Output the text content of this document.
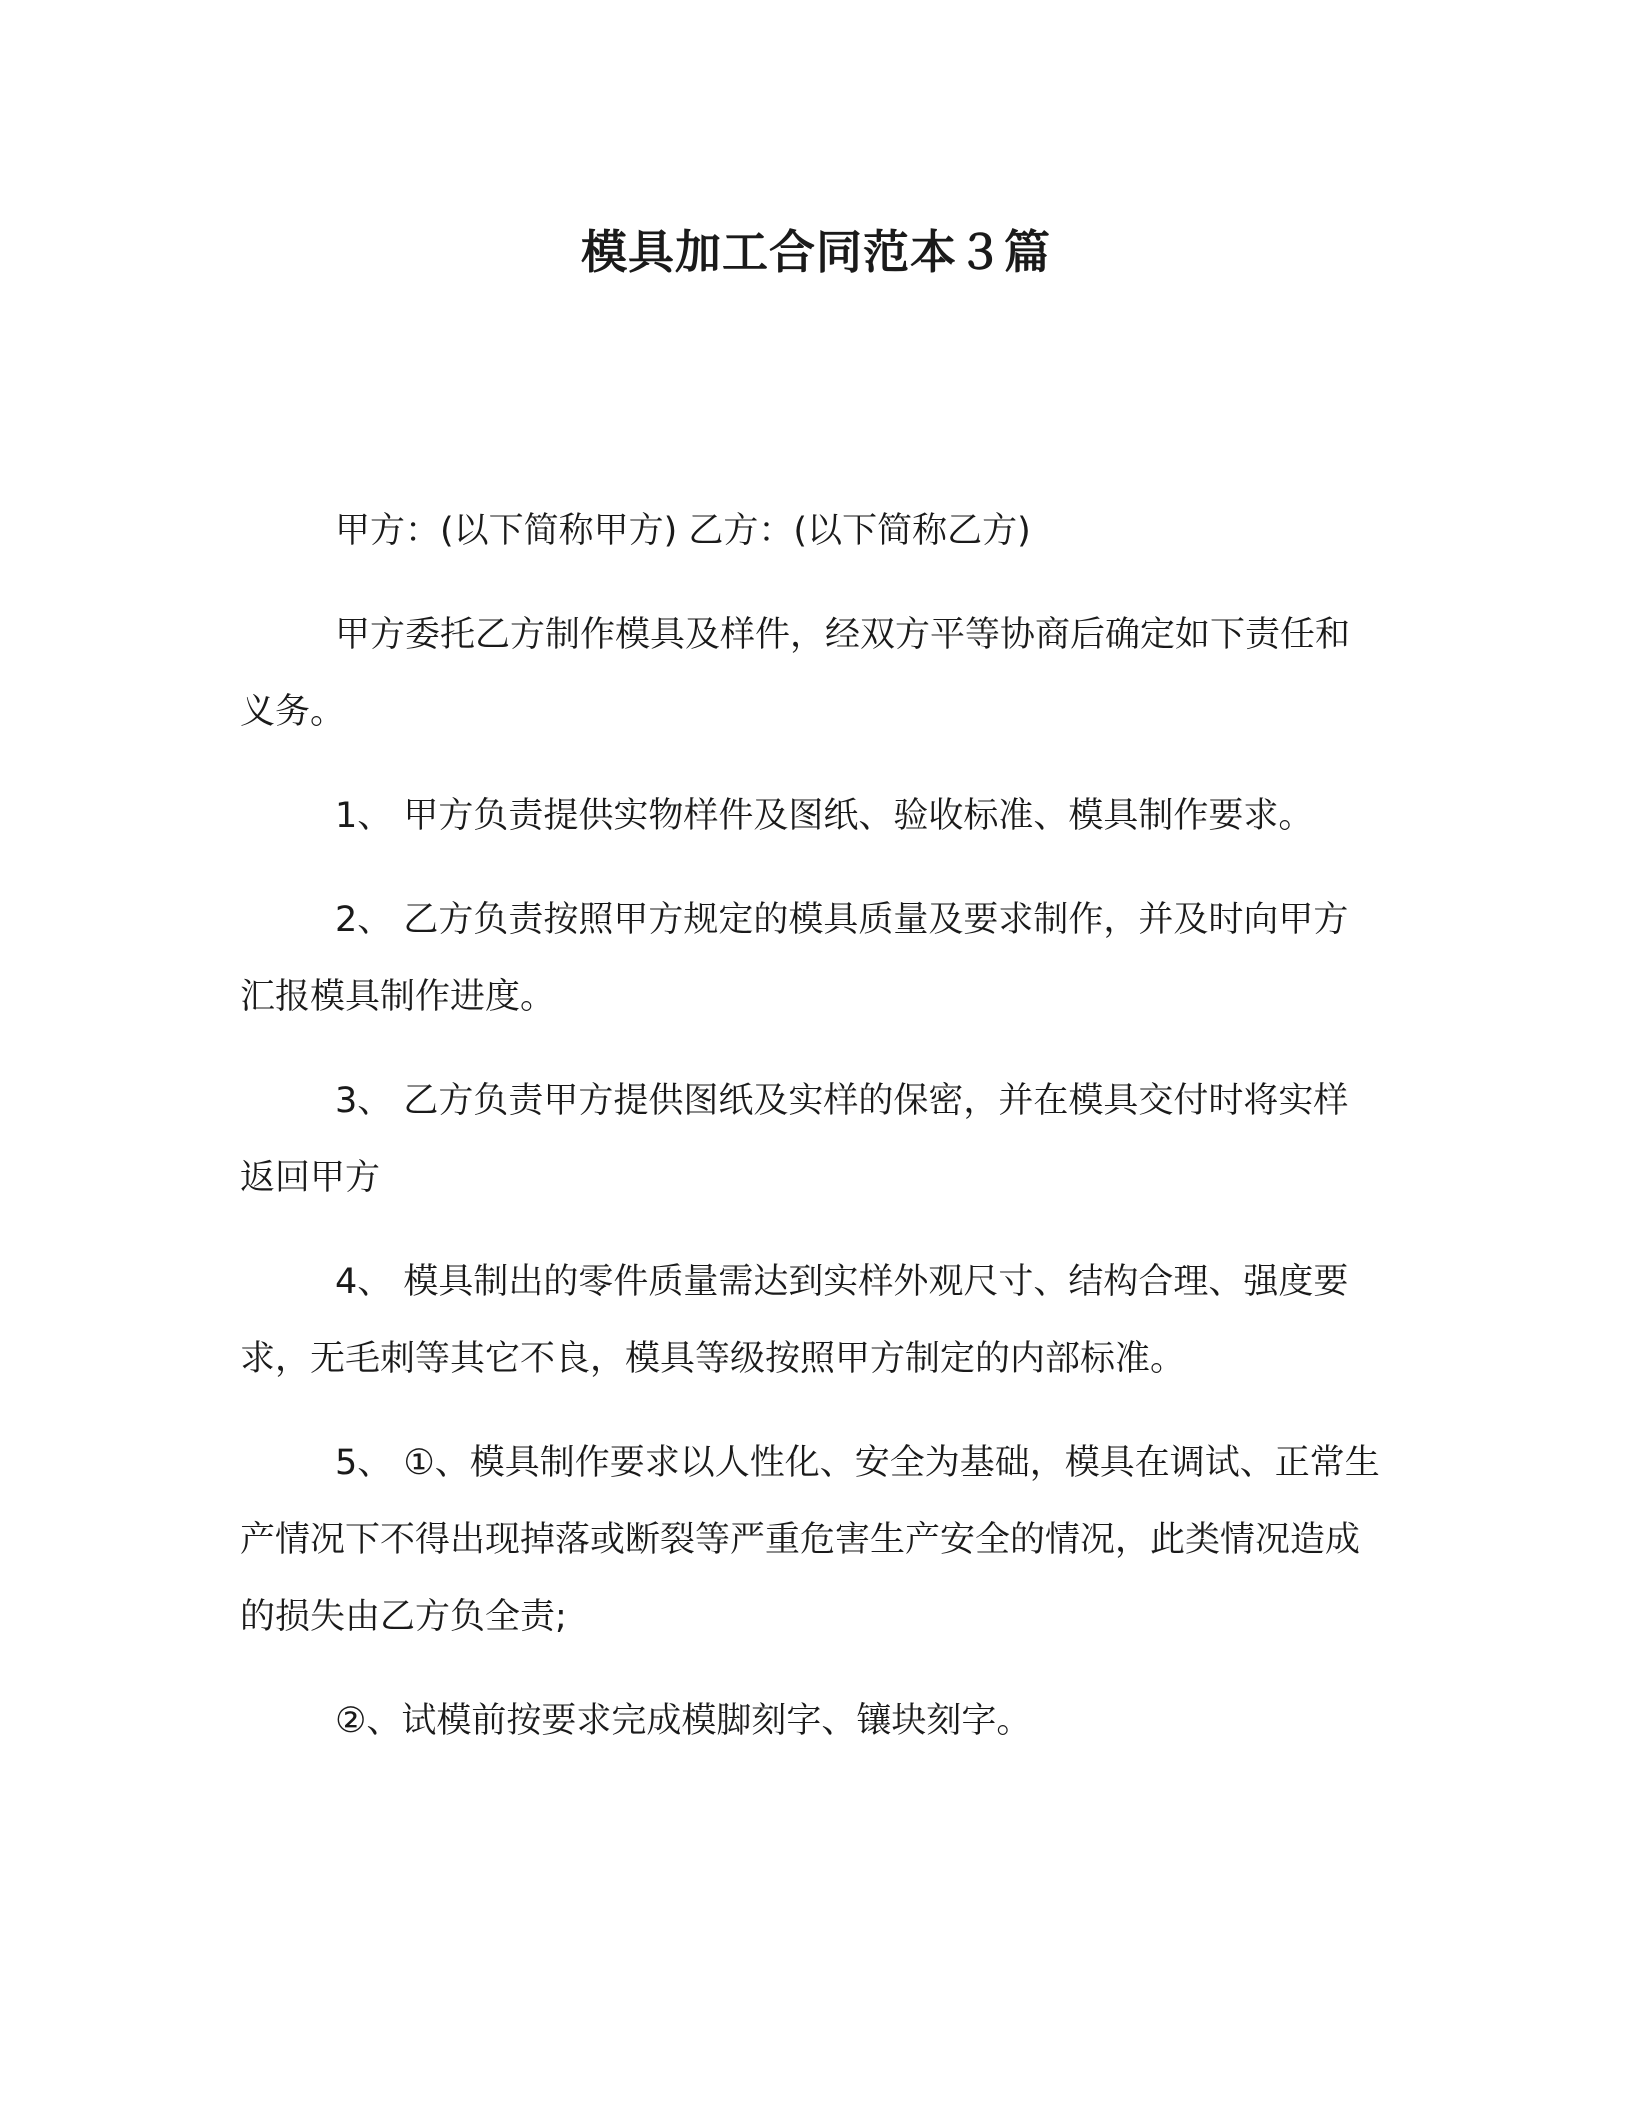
模具加工合同范本３篇

甲方：(以下简称甲方) 乙方：(以下简称乙方)

甲方委托乙方制作模具及样件，经双方平等协商后确定如下责任和义务。

1、 甲方负责提供实物样件及图纸、验收标准、模具制作要求。

2、 乙方负责按照甲方规定的模具质量及要求制作，并及时向甲方汇报模具制作进度。

3、 乙方负责甲方提供图纸及实样的保密，并在模具交付时将实样返回甲方

4、 模具制出的零件质量需达到实样外观尺寸、结构合理、强度要求，无毛刺等其它不良，模具等级按照甲方制定的内部标准。

5、 ①、模具制作要求以人性化、安全为基础，模具在调试、正常生产情况下不得出现掉落或断裂等严重危害生产安全的情况，此类情况造成的损失由乙方负全责;

②、试模前按要求完成模脚刻字、镶块刻字。
